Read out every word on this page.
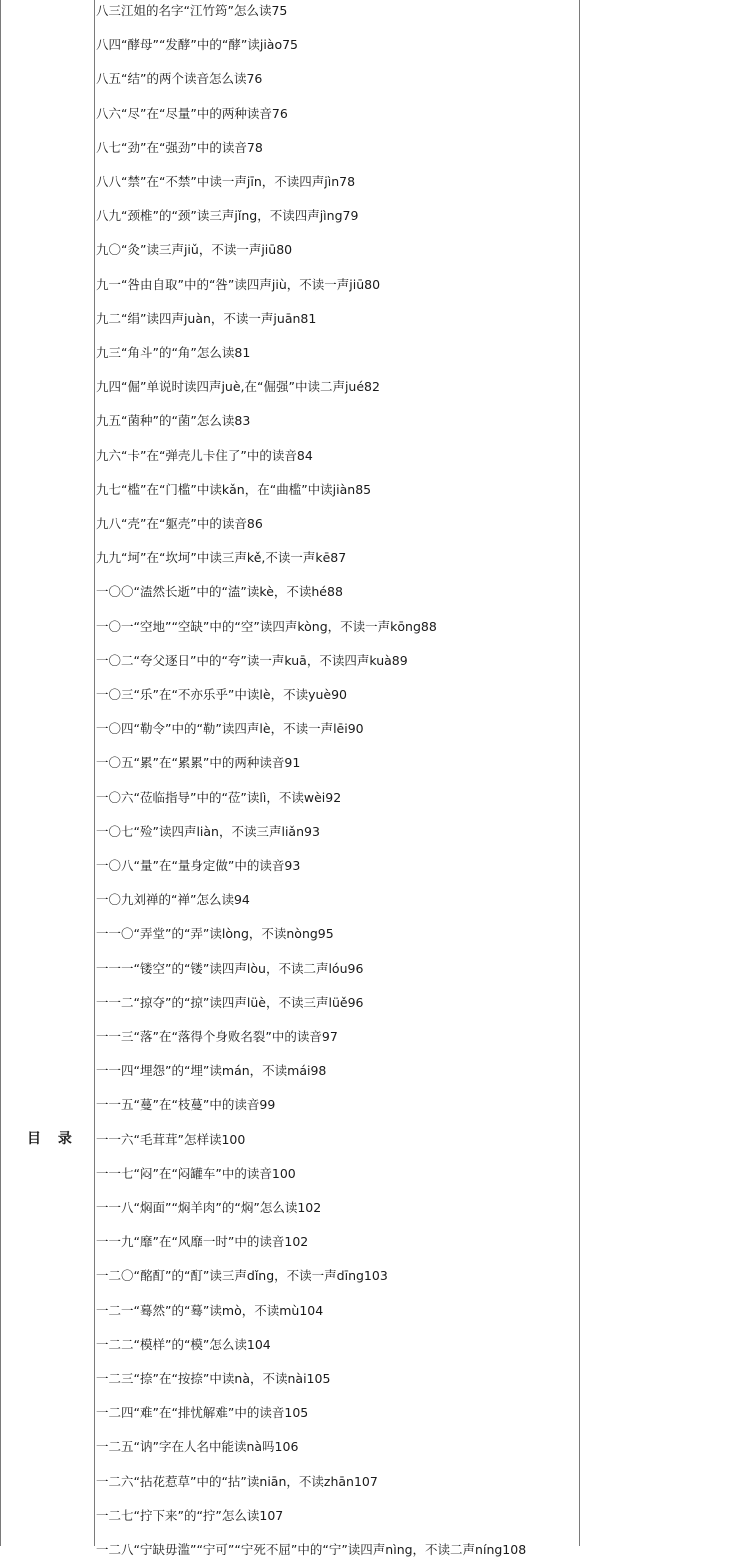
目 录
八三江姐的名字“江竹筠”怎么读75
八四“酵母”“发酵”中的“酵”读jiào75
八五“结”的两个读音怎么读76
八六“尽”在“尽量”中的两种读音76
八七“劲”在“强劲”中的读音78
八八“禁”在“不禁”中读一声jīn，不读四声jìn78
八九“颈椎”的“颈”读三声jǐng，不读四声jìng79
九〇“灸”读三声jiǔ，不读一声jiū80
九一“咎由自取”中的“咎”读四声jiù，不读一声jiū80
九二“绢”读四声juàn，不读一声juān81
九三“角斗”的“角”怎么读81
九四“倔”单说时读四声juè,在“倔强”中读二声jué82
九五“菌种”的“菌”怎么读83
九六“卡”在“弹壳儿卡住了”中的读音84
九七“槛”在“门槛”中读kǎn，在“曲槛”中读jiàn85
九八“壳”在“躯壳”中的读音86
九九“坷”在“坎坷”中读三声kě,不读一声kē87
一〇〇“溘然长逝”中的“溘”读kè，不读hé88
一〇一“空地”“空缺”中的“空”读四声kòng，不读一声kōng88
一〇二“夸父逐日”中的“夸”读一声kuā，不读四声kuà89
一〇三“乐”在“不亦乐乎”中读lè，不读yuè90
一〇四“勒令”中的“勒”读四声lè，不读一声lēi90
一〇五“累”在“累累”中的两种读音91
一〇六“莅临指导”中的“莅”读lì，不读wèi92
一〇七“殓”读四声liàn，不读三声liǎn93
一〇八“量”在“量身定做”中的读音93
一〇九刘禅的“禅”怎么读94
一一〇“弄堂”的“弄”读lòng，不读nòng95
一一一“镂空”的“镂”读四声lòu，不读二声lóu96
一一二“掠夺”的“掠”读四声lüè，不读三声lüě96
一一三“落”在“落得个身败名裂”中的读音97
一一四“埋怨”的“埋”读mán，不读mái98
一一五“蔓”在“枝蔓”中的读音99
一一六“毛茸茸”怎样读100
一一七“闷”在“闷罐车”中的读音100
一一八“焖面”“焖羊肉”的“焖”怎么读102
一一九“靡”在“风靡一时”中的读音102
一二〇“酩酊”的“酊”读三声dǐng，不读一声dīng103
一二一“蓦然”的“蓦”读mò，不读mù104
一二二“模样”的“模”怎么读104
一二三“捺”在“按捺”中读nà，不读nài105
一二四“难”在“排忧解难”中的读音105
一二五“讷”字在人名中能读nà吗106
一二六“拈花惹草”中的“拈”读niān，不读zhān107
一二七“拧下来”的“拧”怎么读107
一二八“宁缺毋滥”“宁可”“宁死不屈”中的“宁”读四声nìng，不读二声níng108
